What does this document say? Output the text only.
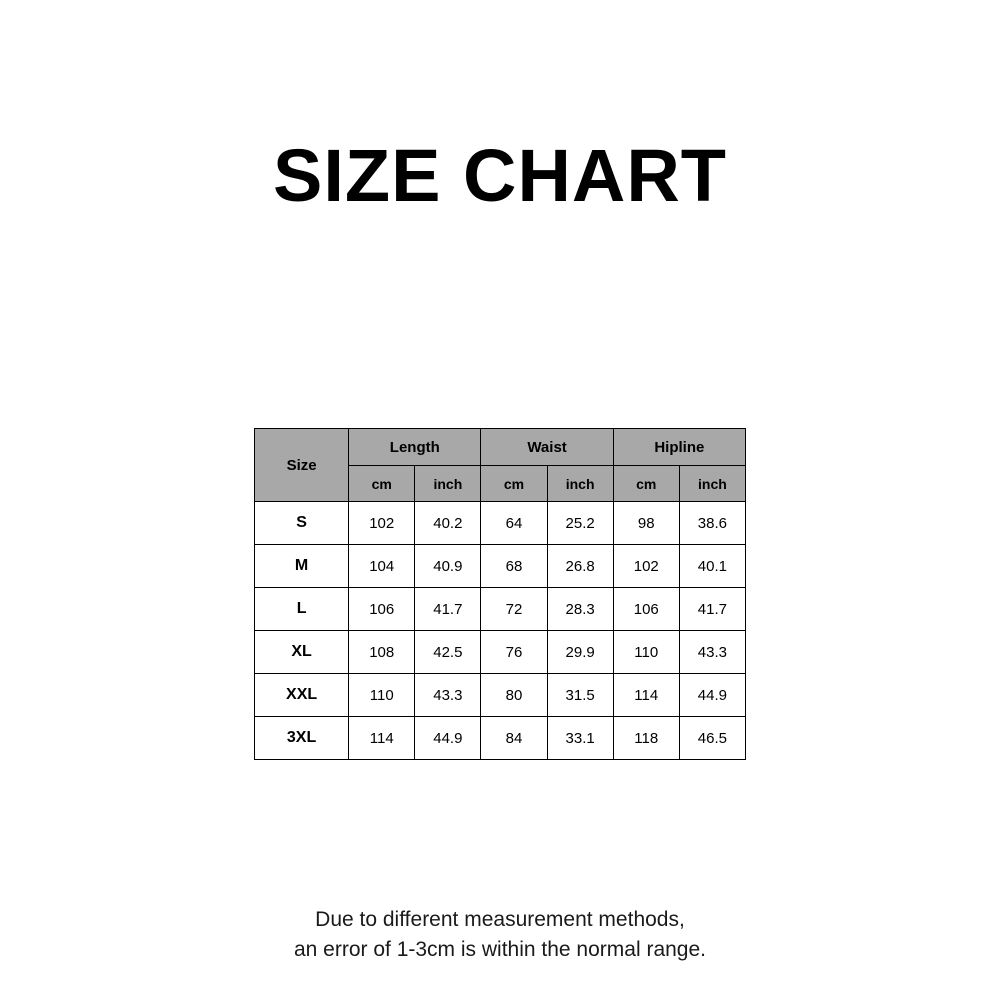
SIZE CHART
Size	Length		Waist		Hipline	
	cm	inch	cm	inch	cm	inch
S	102	40.2	64	25.2	98	38.6
M	104	40.9	68	26.8	102	40.1
L	106	41.7	72	28.3	106	41.7
XL	108	42.5	76	29.9	110	43.3
XXL	110	43.3	80	31.5	114	44.9
3XL	114	44.9	84	33.1	118	46.5
Due to different measurement methods,
an error of 1-3cm is within the normal range.
